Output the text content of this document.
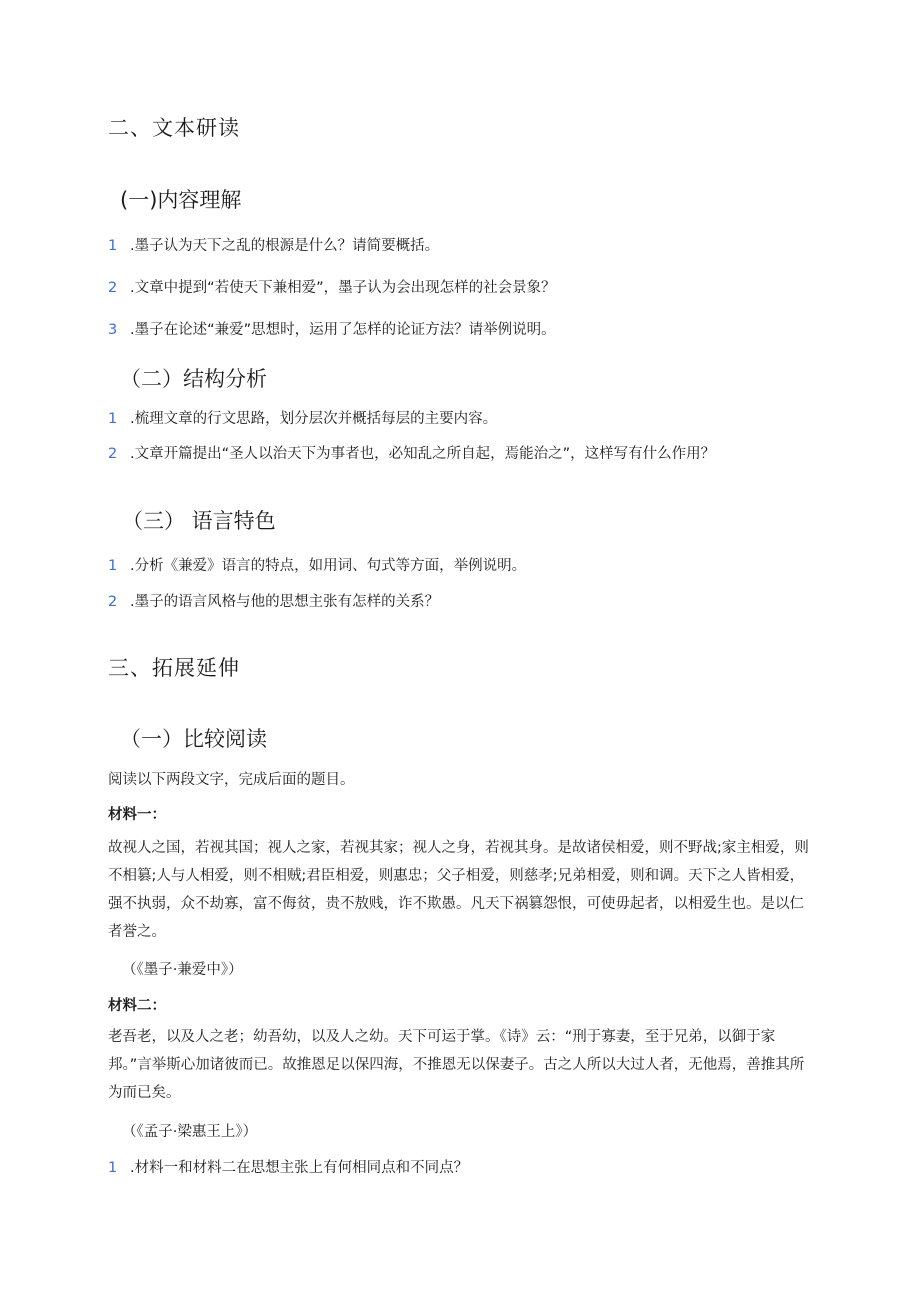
二、文本研读
(一)内容理解
1 .墨子认为天下之乱的根源是什么？请简要概括。
2 .文章中提到“若使天下兼相爱”，墨子认为会出现怎样的社会景象？
3 .墨子在论述“兼爱”思想时，运用了怎样的论证方法？请举例说明。
（二）结构分析
1 .梳理文章的行文思路，划分层次并概括每层的主要内容。
2 .文章开篇提出“圣人以治天下为事者也，必知乱之所自起，焉能治之”，这样写有什么作用？
（三） 语言特色
1 .分析《兼爱》语言的特点，如用词、句式等方面，举例说明。
2 .墨子的语言风格与他的思想主张有怎样的关系？
三、拓展延伸
（一）比较阅读
阅读以下两段文字，完成后面的题目。
材料一：
故视人之国，若视其国；视人之家，若视其家；视人之身，若视其身。是故诸侯相爱，则不野战;家主相爱，则不相篡;人与人相爱，则不相贼;君臣相爱，则惠忠；父子相爱，则慈孝;兄弟相爱，则和调。天下之人皆相爱，强不执弱，众不劫寡，富不侮贫，贵不敖贱，诈不欺愚。凡天下祸篡怨恨，可使毋起者，以相爱生也。是以仁者誉之。
（《墨子·兼爱中》）
材料二：
老吾老，以及人之老；幼吾幼，以及人之幼。天下可运于掌。《诗》云：“刑于寡妻，至于兄弟，以御于家邦。”言举斯心加诸彼而已。故推恩足以保四海，不推恩无以保妻子。古之人所以大过人者，无他焉，善推其所为而已矣。
（《孟子·梁惠王上》）
1 .材料一和材料二在思想主张上有何相同点和不同点？
